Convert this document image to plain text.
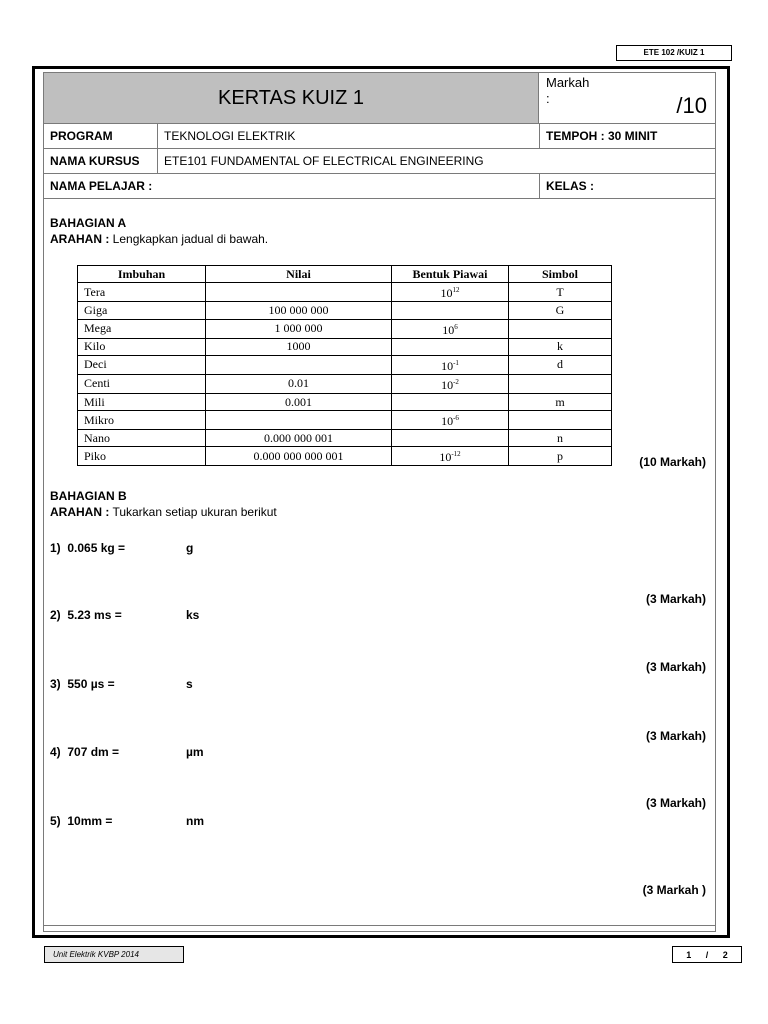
ETE 102 /KUIZ 1
KERTAS KUIZ 1
Markah
:	/10
PROGRAM	TEKNOLOGI ELEKTRIK	TEMPOH : 30 MINIT
NAMA KURSUS	ETE101 FUNDAMENTAL OF ELECTRICAL ENGINEERING
NAMA PELAJAR :	KELAS :
BAHAGIAN A
ARAHAN : Lengkapkan jadual di bawah.
Imbuhan	Nilai	Bentuk Piawai	Simbol
Tera		$10^{12}$	T
Giga	100 000 000		G
Mega	1 000 000	$10^6$	
Kilo	1000		k
Deci		$10^{-1}$	d
Centi	0.01	$10^{-2}$	
Mili	0.001		m
Mikro		$10^{-6}$	
Nano	0.000 000 001		n
Piko	0.000 000 000 001	$10^{-12}$	p	(10 Markah)
BAHAGIAN B
ARAHAN : Tukarkan setiap ukuran berikut
1) 0.065 kg =	g
(3 Markah)
2) 5.23 ms =	ks
(3 Markah)
3) 550 µs =	s
(3 Markah)
4) 707 dm =	µm
(3 Markah)
5) 10mm =	nm
(3 Markah )
Unit Elektrik KVBP 2014	1 / 2
